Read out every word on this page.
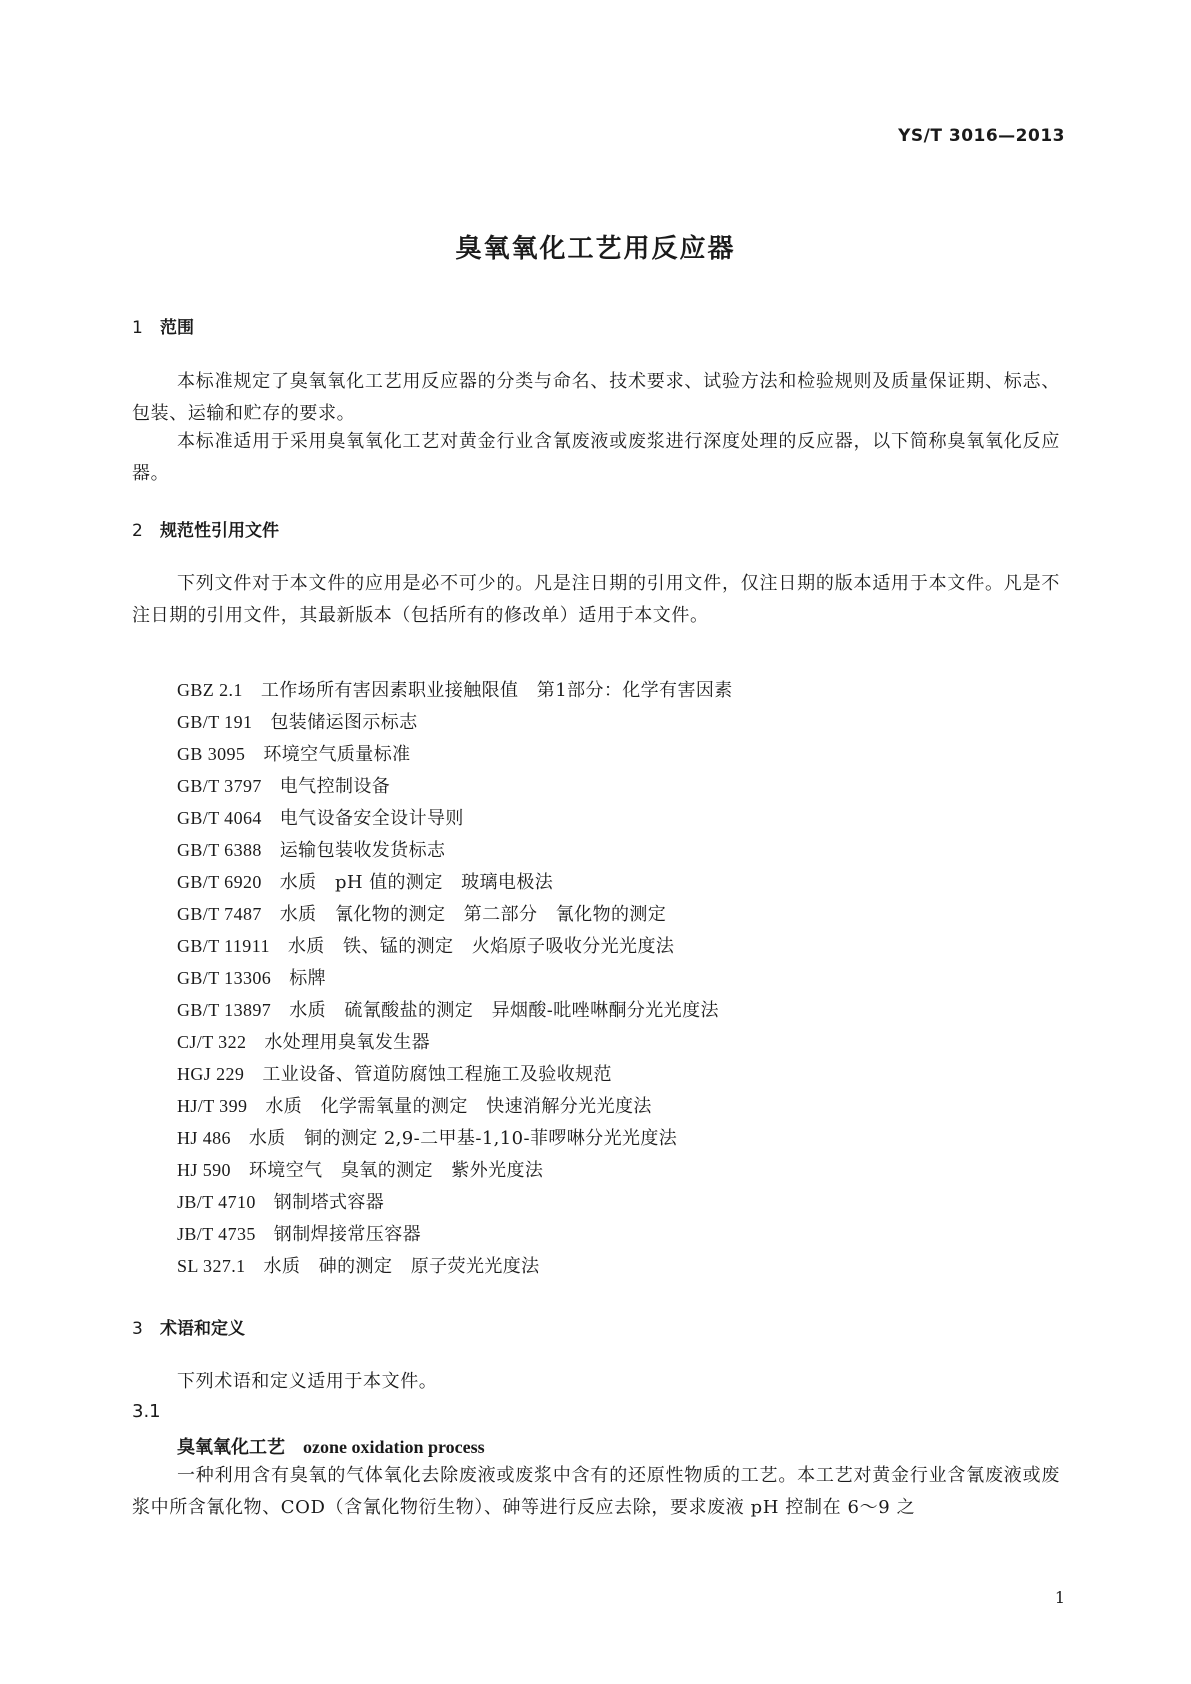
YS/T 3016—2013
臭氧氧化工艺用反应器
1 范围
本标准规定了臭氧氧化工艺用反应器的分类与命名、技术要求、试验方法和检验规则及质量保证期、标志、包装、运输和贮存的要求。
本标准适用于采用臭氧氧化工艺对黄金行业含氰废液或废浆进行深度处理的反应器，以下简称臭氧氧化反应器。
2 规范性引用文件
下列文件对于本文件的应用是必不可少的。凡是注日期的引用文件，仅注日期的版本适用于本文件。凡是不注日期的引用文件，其最新版本（包括所有的修改单）适用于本文件。
GBZ 2.1 工作场所有害因素职业接触限值　第1部分：化学有害因素
GB/T 191 包装储运图示标志
GB 3095 环境空气质量标准
GB/T 3797 电气控制设备
GB/T 4064 电气设备安全设计导则
GB/T 6388 运输包装收发货标志
GB/T 6920 水质　pH 值的测定　玻璃电极法
GB/T 7487 水质　氰化物的测定　第二部分　氰化物的测定
GB/T 11911 水质　铁、锰的测定　火焰原子吸收分光光度法
GB/T 13306 标牌
GB/T 13897 水质　硫氰酸盐的测定　异烟酸-吡唑啉酮分光光度法
CJ/T 322 水处理用臭氧发生器
HGJ 229 工业设备、管道防腐蚀工程施工及验收规范
HJ/T 399 水质　化学需氧量的测定　快速消解分光光度法
HJ 486 水质　铜的测定 2,9-二甲基-1,10-菲啰啉分光光度法
HJ 590 环境空气　臭氧的测定　紫外光度法
JB/T 4710 钢制塔式容器
JB/T 4735 钢制焊接常压容器
SL 327.1 水质　砷的测定　原子荧光光度法
3 术语和定义
下列术语和定义适用于本文件。
3.1
臭氧氧化工艺 ozone oxidation process
一种利用含有臭氧的气体氧化去除废液或废浆中含有的还原性物质的工艺。本工艺对黄金行业含氰废液或废浆中所含氰化物、COD（含氰化物衍生物）、砷等进行反应去除，要求废液 pH 控制在 6～9 之
1
